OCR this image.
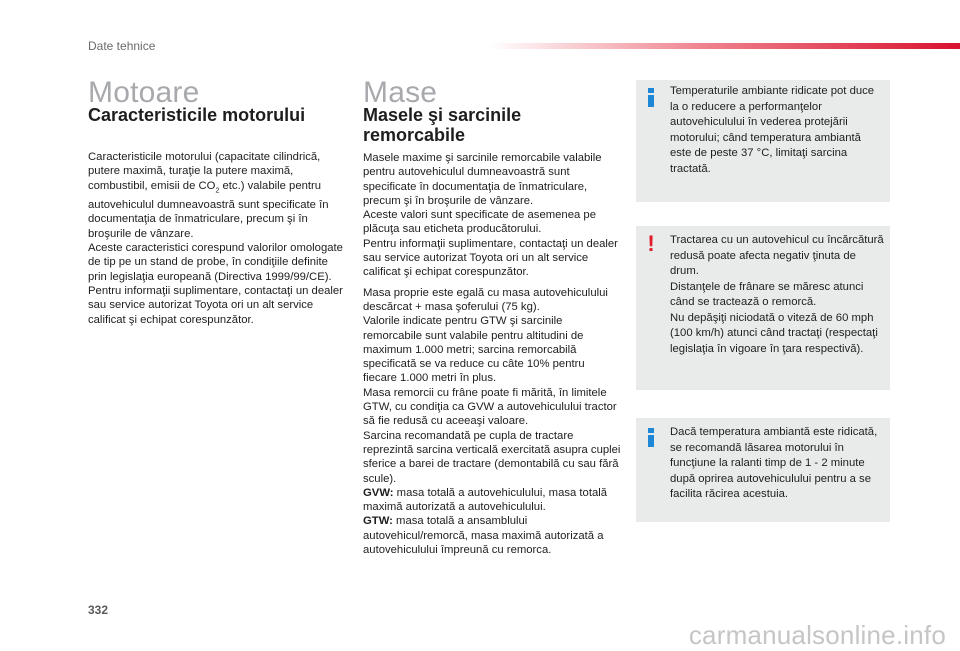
Date tehnice
Motoare
Caracteristicile motorului

Caracteristicile motorului (capacitate cilindrică, putere maximă, turaţie la putere maximă, combustibil, emisii de $CO_2$ etc.) valabile pentru autovehiculul dumneavoastră sunt specificate în documentaţia de înmatriculare, precum şi în broşurile de vânzare.
Aceste caracteristici corespund valorilor omologate de tip pe un stand de probe, în condiţiile definite prin legislaţia europeană (Directiva 1999/99/CE).
Pentru informaţii suplimentare, contactaţi un dealer sau service autorizat Toyota ori un alt service calificat şi echipat corespunzător.

Mase
Masele şi sarcinile remorcabile

Masele maxime şi sarcinile remorcabile valabile pentru autovehiculul dumneavoastră sunt specificate în documentaţia de înmatriculare, precum şi în broşurile de vânzare.
Aceste valori sunt specificate de asemenea pe plăcuţa sau eticheta producătorului.
Pentru informaţii suplimentare, contactaţi un dealer sau service autorizat Toyota ori un alt service calificat şi echipat corespunzător.

Masa proprie este egală cu masa autovehiculului descărcat + masa şoferului (75 kg).
Valorile indicate pentru GTW şi sarcinile remorcabile sunt valabile pentru altitudini de maximum 1.000 metri; sarcina remorcabilă specificată se va reduce cu câte 10% pentru fiecare 1.000 metri în plus.
Masa remorcii cu frâne poate fi mărită, în limitele GTW, cu condiţia ca GVW a autovehiculului tractor să fie redusă cu aceeaşi valoare.
Sarcina recomandată pe cupla de tractare reprezintă sarcina verticală exercitată asupra cuplei sferice a barei de tractare (demontabilă cu sau fără scule).

GVW: masa totală a autovehiculului, masa totală maximă autorizată a autovehiculului.

GTW: masa totală a ansamblului autovehicul/remorcă, masa maximă autorizată a autovehiculului împreună cu remorca.

Temperaturile ambiante ridicate pot duce la o reducere a performanţelor autovehiculului în vederea protejării motorului; când temperatura ambiantă este de peste 37 °C, limitaţi sarcina tractată.
! Tractarea cu un autovehicul cu încărcătură redusă poate afecta negativ ţinuta de drum.
Distanţele de frânare se măresc atunci când se tractează o remorcă.
Nu depăşiţi niciodată o viteză de 60 mph (100 km/h) atunci când tractaţi (respectaţi legislaţia în vigoare în ţara respectivă).
Dacă temperatura ambiantă este ridicată, se recomandă lăsarea motorului în funcţiune la ralanti timp de 1 - 2 minute după oprirea autovehiculului pentru a se facilita răcirea acestuia.
332
carmanualsonline.info
